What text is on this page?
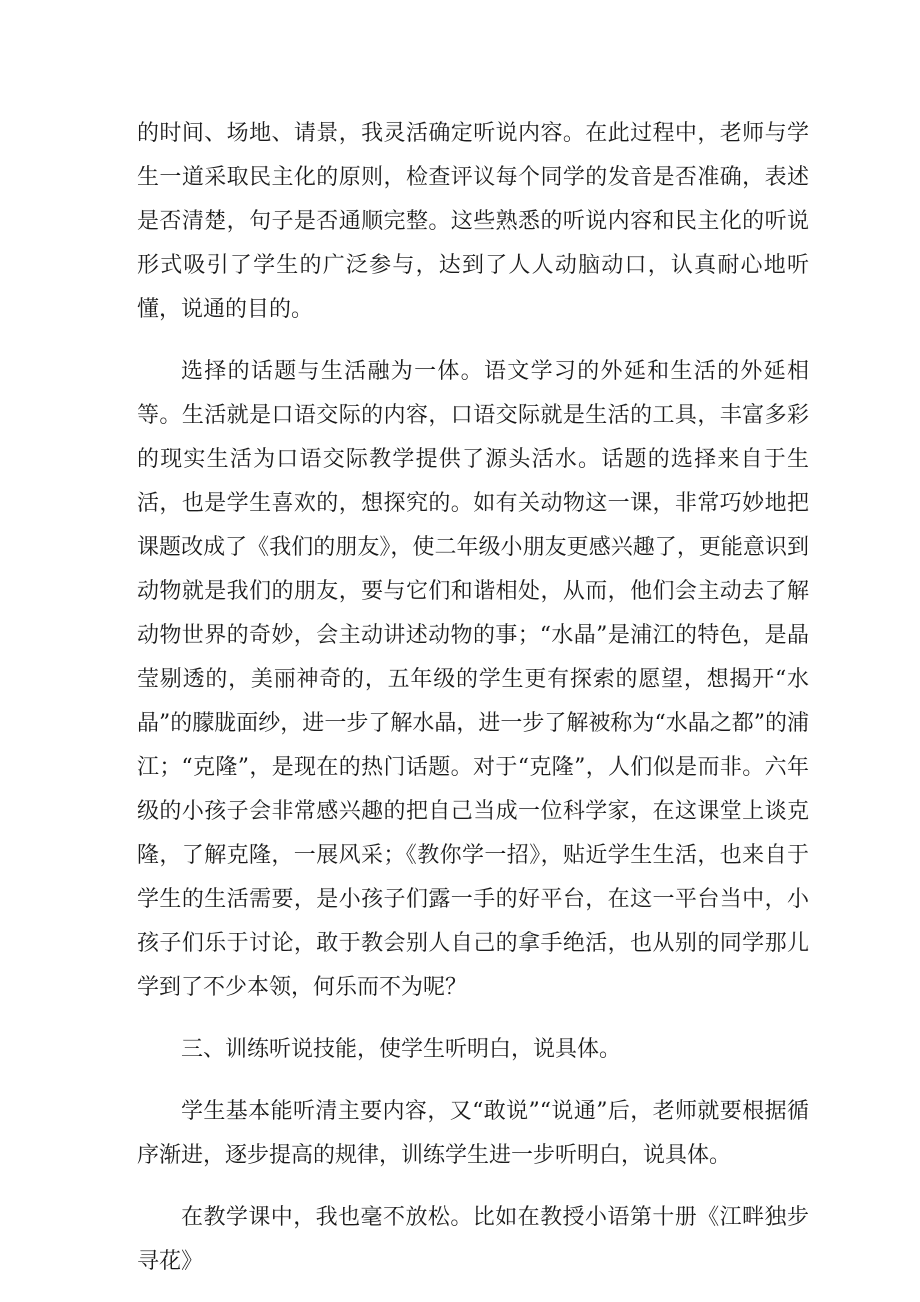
的时间、场地、请景，我灵活确定听说内容。在此过程中，老师与学生一道采取民主化的原则，检查评议每个同学的发音是否准确，表述是否清楚，句子是否通顺完整。这些熟悉的听说内容和民主化的听说形式吸引了学生的广泛参与，达到了人人动脑动口，认真耐心地听懂，说通的目的。

选择的话题与生活融为一体。语文学习的外延和生活的外延相等。生活就是口语交际的内容，口语交际就是生活的工具，丰富多彩的现实生活为口语交际教学提供了源头活水。话题的选择来自于生活，也是学生喜欢的，想探究的。如有关动物这一课，非常巧妙地把课题改成了《我们的朋友》，使二年级小朋友更感兴趣了，更能意识到动物就是我们的朋友，要与它们和谐相处，从而，他们会主动去了解动物世界的奇妙，会主动讲述动物的事；“水晶”是浦江的特色，是晶莹剔透的，美丽神奇的，五年级的学生更有探索的愿望，想揭开“水晶”的朦胧面纱，进一步了解水晶，进一步了解被称为“水晶之都”的浦江；“克隆”，是现在的热门话题。对于“克隆”，人们似是而非。六年级的小孩子会非常感兴趣的把自己当成一位科学家，在这课堂上谈克隆，了解克隆，一展风采；《教你学一招》，贴近学生生活，也来自于学生的生活需要，是小孩子们露一手的好平台，在这一平台当中，小孩子们乐于讨论，敢于教会别人自己的拿手绝活，也从别的同学那儿学到了不少本领，何乐而不为呢？

三、训练听说技能，使学生听明白，说具体。

学生基本能听清主要内容，又“敢说”“说通”后，老师就要根据循序渐进，逐步提高的规律，训练学生进一步听明白，说具体。

在教学课中，我也毫不放松。比如在教授小语第十册《江畔独步寻花》
